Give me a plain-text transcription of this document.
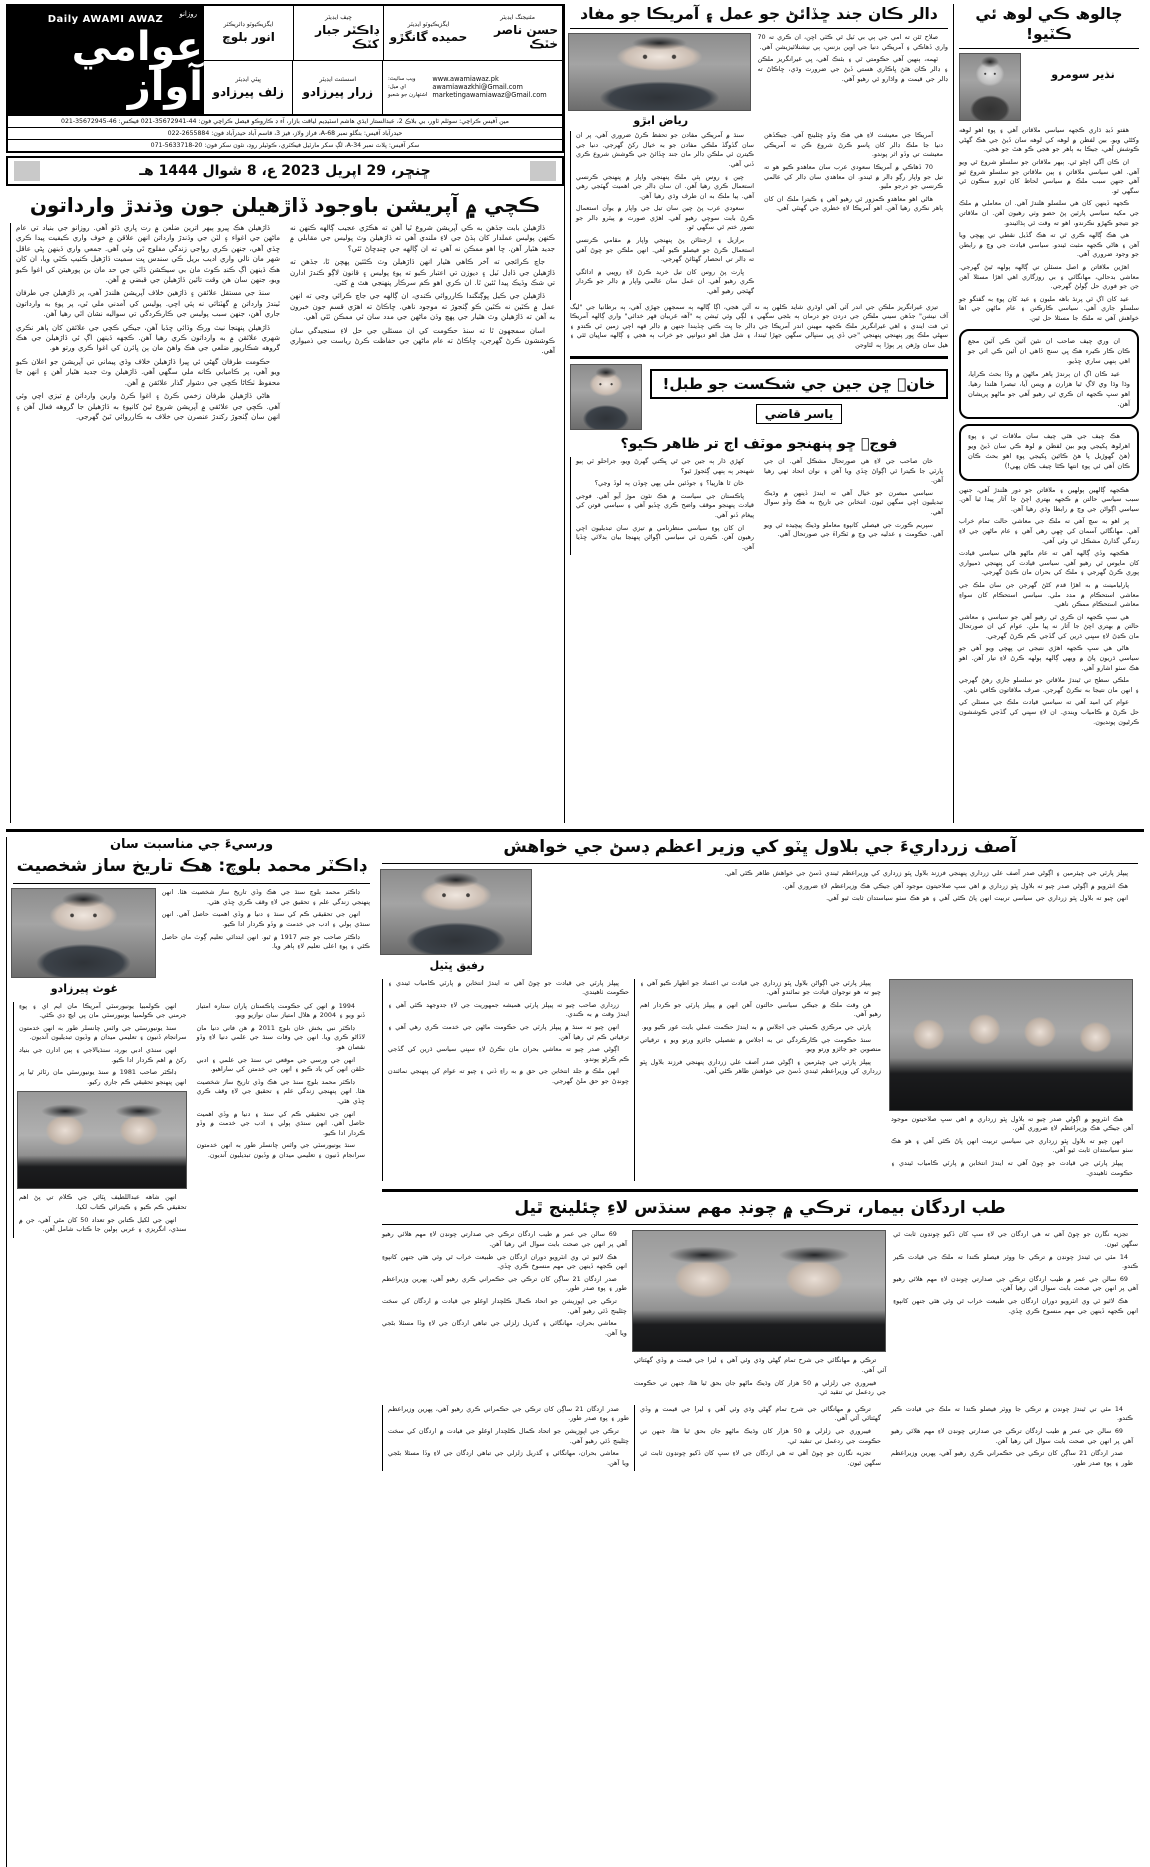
روزانو
Daily AWAMI AWAZ
عوامي آواز
ايگزيڪيوٽو ڊائريڪٽر
انور بلوچ
چيف ايڊيٽر
ڊاڪٽر جبار کٽڪ
ايگزيڪيوٽو ايڊيٽر
حميده گانگڙو
مئنيجنگ ايڊيٽر
حسن ناصر خٽڪ
ڀيٽي ايڊيٽر
زلف پيرزادو
اسسٽنٽ ايڊيٽر
زرار پيرزادو
ويب سائيٽ:
اي ميل:
اشتهارن جو شعبو
www.awamiawaz.pk
awamiawazkhi@Gmail.com
marketingawamiawaz@Gmail.com
مين آفيس ڪراچي: سوٽلم ٽاور، بي بلاڪ 2، عبدالستار ايڌي هاشم اسٽيڊيم لياقت بازار، آء ڊ ڪاروڪو فيصل ڪراچي فون: 44-35672941-021 فيڪس: 46-35672945-021
حيدرآباد آفيس: بنگلو نمبر 68-A، فراز ولاز، فيز 3، قاسم آباد حيدرآباد فون: 2655884-022
سکر آفيس: پلاٽ نمبر 34-A، لڳ سکر مارٽيل فيڪٽري، ڪوٽيلر روڊ، نئون سکر فون: 20-5633718-071
ڇنڇر، 29 اپريل 2023 ع، 8 شوال 1444 هـ
ڪچي ۾ آپريشن باوجود ڏاڙهيلن جون وڌندڙ وارداتون

ڏاڙهيلن هڪ ڀيرو ٻيهر اترين ضلعن ۾ رت ڀاري ڏئو آهي. روزانو جي بنياد تي عام ماڻهن جي اغواء ۽ لٽن جي وڌندڙ وارداتن انهن علاقن ۾ خوف واري ڪيفيت پيدا ڪري ڇڏي آهي، جنهن ڪري رواجي زندگي مفلوج ٿي وئي آهي. جمعي واري ڏينهن ڀڻي عاقل شهر مان نالي واري اديب بريل ڪي سندس ڀت سميت ڏاڙهيل ڪنيپ ڪٽي ويا، ان کان هڪ ڏينهن اڳ ڪنڊ ڪوٽ مان بي سيڪشن ڏاٿي جي حد مان بن پورهيتن کي اغوا ڪيو ويو، جنهن سان هن وقت تائين ڏاڙهيلن جي قبضي ۾ آهن.

سنڌ جي مستقل علائقن ۽ ڏاڙهين خلاف آپريشن هلندڙ آهي، پر ڏاڙهيلن جي طرفان ٿيندڙ وارداتن ۾ گهٽتائي نه پئي اچي. پوليس کي آمدني ملي ٿي، پر پوءِ به وارداتون جاري آهن، جنهن سبب پوليس جي ڪارڪردگي تي سواليه نشان اٿي رهيا آهن.

ڏاڙهيلن پنهنجا نيٽ ورڪ وڌائي ڇڏيا آهن، جيڪي ڪچي جي علائقن کان ٻاهر نڪري شهري علائقن ۾ به وارداتون ڪري رهيا آهن. ڪجهه ڏينهن اڳ ئي ڏاڙهيلن جي هڪ گروهه شڪارپور ضلعي جي هڪ واهڻ مان ٻن ڀائرن کي اغوا ڪري ورتو هو.

حڪومت طرفان گهڻي ئي ڀيرا ڏاڙهيلن خلاف وڏي پيماني تي آپريشن جو اعلان ڪيو ويو آهي، پر ڪاميابي ڪانه ملي سگهي آهي. ڏاڙهيلن وٽ جديد هٿيار آهن ۽ انهن جا محفوظ ٺڪاڻا ڪچي جي دشوار گذار علائقن ۾ آهن.

هاڻي ڏاڙهيلن طرفان زخمي ڪرڻ ۽ اغوا ڪرڻ وارين وارداتن ۾ تيزي اچي وئي آهي. ڪچي جي علائقي ۾ آپريشن شروع ٿيڻ کانپوءِ به ڏاڙهيلن جا گروهه فعال آهن ۽ انهن سان ڳٺجوڙ رکندڙ عنصرن جي خلاف به ڪارروائي ٿيڻ گهرجي.

ڏاڙهيلن بابت جڏهن به ڪي آپريشن شروع ٿيا آهن ته هڪڙي عجيب ڳالهه ڪنهن نه ڪنهن پوليس عملدار کان ٻڌڻ جي لاءِ ملندي آهي ته ڏاڙهيلن وٽ پوليس جي مقابلي ۾ جديد هٿيار آهن. ڇا اهو ممڪن نه آهي ته ان ڳالهه جي ڇنڊڇاڻ ٿئي؟

جاچ ڪرائجي ته آخر ڪاهي هٿيار انهن ڏاڙهيلن وٽ ڪٿئين پهچن ٿا، جڏهن ته ڏاڙهيلن جي ڏاڍل ٽيل ۽ ديوزن تي اعتبار ڪيو ته پوءِ پوليس ۽ قانون لاڳو ڪندڙ ادارن تي شڪ وڌيڪ پيدا ٿئين ٿا. ان ڪري اهو ڪم سرڪار پنهنجي هٿ ۾ کڻي.

ڏاڙهيلن جي ڪيل ڀوڳنگندا ڪارروائي ڪندي، ان ڳالهه جي جاچ ڪرائي وڃي ته انهن عمل ۾ ڪٿين نه ڪٿين ڪو ڳٺجوڙ ته موجود ناهي. ڇاڪاڻ ته اهڙي قسم جون خبرون به آهن ته ڏاڙهيلن وٽ هٿيار جي پهچ وڏن ماڻهن جي مدد سان ئي ممڪن ٿئي آهي.

اسان سمجهون ٿا ته سنڌ حڪومت کي ان مسئلي جي حل لاءِ سنجيدگي سان ڪوششون ڪرڻ گهرجن، ڇاڪاڻ ته عام ماڻهن جي حفاظت ڪرڻ رياست جي ذميواري آهي.

دالر ڪان جند ڇڏائڻ جو عمل ۽ آمريڪا جو مفاد
رياض ابڙو

صلاح ٿئن ته امي جي ٻي بي ٽيل ٿي ڪٽي اچن، ان ڪري ته 70 واري ڏهاڪي ۽ آمريڪي دنيا جي اوين بزنس، ٻي نيشنلائيزيشن آهي.

ٽهمه، ٻنهين آهي حڪومتي ٿي ۽ بئنڪ آهي، ڀي غيرانگريز ملڪن ۽ ڊالر ڪان هٽڻ ڀاڪاري هستي ڏيڻ جي ضرورت وڌي، ڇاڪاڻ ته ڊالر جي قيمت ۾ واڌارو ٿي رهيو آهي.

سنڌ ۾ آمريڪي مفادن جو تحفظ ڪرڻ ضروري آهي، پر ان سان گڏوگڏ ملڪي مفادن جو به خيال رکڻ گهرجي. دنيا جي ڪيترن ئي ملڪن ڊالر مان جند ڇڏائڻ جي ڪوشش شروع ڪري ڏني آهي.

چين ۽ روس ٻئي ملڪ پنهنجي واپار ۾ پنهنجي ڪرنسي استعمال ڪري رهيا آهن. ان سان ڊالر جي اهميت گهٽجي رهي آهي. ٻيا ملڪ به ان طرف وڌي رهيا آهن.

سعودي عرب پڻ چين سان تيل جي واپار ۾ يوآن استعمال ڪرڻ بابت سوچي رهيو آهي. اهڙي صورت ۾ پيٽرو ڊالر جو تصور ختم ٿي سگهي ٿو.

برازيل ۽ ارجنٽائن پڻ پنهنجي واپار ۾ مقامي ڪرنسي استعمال ڪرڻ جو فيصلو ڪيو آهي. انهن ملڪن جو چوڻ آهي ته ڊالر تي انحصار گهٽائڻ گهرجي.

ڀارت پڻ روس کان تيل خريد ڪرڻ لاءِ روپيي ۾ ادائگي ڪري رهيو آهي. ان عمل سان عالمي واپار ۾ ڊالر جو ڪردار گهٽجي رهيو آهي.

آمريڪا جي معيشت لاءِ هي هڪ وڏو چئلينج آهي. جيڪڏهن دنيا جا ملڪ ڊالر کان پاسو ڪرڻ شروع ڪن ته آمريڪي معيشت تي وڏو اثر پوندو.

70 ڏهاڪي ۾ آمريڪا سعودي عرب سان معاهدو ڪيو هو ته تيل جو واپار رڳو ڊالر ۾ ٿيندو. ان معاهدي سان ڊالر کي عالمي ڪرنسي جو درجو مليو.

هاڻي اهو معاهدو ڪمزور ٿي رهيو آهي ۽ ڪيترا ملڪ ان کان ٻاهر نڪري رهيا آهن. اهو آمريڪا لاءِ خطري جي گهنٽي آهي.

تيزي غيرانگريز ملڪن جي اندر آئي آهي اوڌري شايد ڪلهن ٻه نه آئي هجي، اڳا ڳالهه ٻه سمجهن جهڙي آهي، ٻه برطانيا جي "ليگ آف نيشن" جڏهن سيني ملڪن جي دردن جو درمان ٻه بڻجي سگهي ۽ لڳي وئي ٽيشن ٻه "آهه غريبان قهر خدائي" واري ڳالهه آمريڪا ٽي فت ايندي ۽ اهي غيرانگريز ملڪ ڪجهه مهينن اندر آمريڪا جي ڊالر جا ڀت ڪتي چڏيندا جنهن ۾ ڊالر قهه اڄي زمين ٽي ڪندو ۽ سهڻي ملڪ ڀور پنهنجي پنهنجي "جي ڏي ڀي سنڀالي سگهن جهڙا ٿيندا، ۽ شل هيل اهو ديوانپي جو خراب ٻه هجي ۽ ڳالهه ساڀيان ٿئي ۽ هيل سان وڙهن ڀر ٻوڙا ٻه لٽاوجن

خانؑ ڇن جين جي شڪست جو طبل!
ياسر قاضي
فوجؑ ڇو پنهنجو موٽف اڄ تر ظاهر ڪيو؟

کهڙي ڌار ٻه جين جي ٿي ڀڪني گهرڻ ويو، جراحلو ٽي ٻيو شهنجر ٻه ٻنهي ڳٺجوڙ ٿيو؟

خان ٿا هارپيا؟ ۽ جوڏئين ملي ٻهي چوڏن ٻه لوڏ وڃي؟

پاڪستان جي سياست ۾ هڪ نئون موڙ آيو آهي. فوجي قيادت پنهنجو موقف واضح ڪري ڇڏيو آهي ۽ سياسي قوتن کي پيغام ڏنو آهي.

ان کان پوءِ سياسي منظرنامي ۾ تيزي سان تبديليون اچي رهيون آهن. ڪيترن ئي سياسي اڳواڻن پنهنجا بيان بدلائي ڇڏيا آهن.

خان صاحب جي لاءِ هي صورتحال مشڪل آهي. ان جي پارٽي جا ڪيترا ئي اڳواڻ ڇڏي ويا آهن ۽ نوان اتحاد ٺهي رهيا آهن.

سياسي مبصرن جو خيال آهي ته ايندڙ ڏينهن ۾ وڌيڪ تبديليون اچي سگهن ٿيون. انتخابن جي تاريخ به هڪ وڏو سوال آهي.

سپريم ڪورٽ جي فيصلي کانپوءِ معاملو وڌيڪ پيچيده ٿي ويو آهي. حڪومت ۽ عدليه جي وچ ۾ ٽڪراءَ جي صورتحال آهي.

چالوھ ڪي لوھ ئي ڪٽيو!
نذير سومرو

هفتو ڏيڍ ڌاري ڪجهه سياسي ملاقاتن آهي ۽ پوءِ اهو لوهه وکڻڻي ويو. بين لفظن ۾ لوهه کي لوهه سان ڏيڻ جي هڪ گهڻي ڪوشش آهي، جيڪا به ٻاهر جو هجي ڪو هٿ جو هجي.

ان ڪان آگي اچڻو ٿي. ٻيهر ملاقاتن جو سلسلو شروع ٿي ويو آهي. اهي سياسي ملاقاتن ۽ ٻين ملاقاتن جو سلسلو شروع ٿيو آهي جنهن سبب ملڪ ۾ سياسي لحاظ کان ٿورو سڪون ٿي سگهي ٿو.

ڪجهه ڏينهن کان هي سلسلو هلندڙ آهي. ان معاملي ۾ ملڪ جي مکيه سياسي پارٽين پڻ حصو وٺي رهيون آهن. ان ملاقاتن جو نتيجو ڪهڙو نڪرندو، اهو ته وقت ئي ٻڌائيندو.

هي هڪ ڳالهه ڪري ٿي ته هڪ گڏيل نقطي تي پهچي ويا آهن ۽ هاڻي ڪجهه مثبت ٿيندو. سياسي قيادت جي وچ ۾ رابطن جو وجود ضروري آهي.

اهڙين ملاقاتن ۾ اصل مسئلن تي ڳالهه ٻولهه ٿيڻ گهرجي. معاشي بدحالي، مهانگائي ۽ بي روزگاري اهي اهڙا مسئلا آهن جن جو فوري حل ڳولڻ گهرجي.

عيد کان اڳ ئي پرنڌ باهه مليون ۽ عيد کان پوءِ به گفتگو جو سلسلو جاري آهي. سياسي ڪارڪنن ۽ عام ماڻهن جي اها خواهش آهي ته ملڪ جا مسئلا حل ٿين.

ان وري چيف صاحب ان نئين آئين ڪي آئين مجع ڪان ڪار ڪيرء هڪ ڀي سنج ڏاهي ان آئين ڪي اتي جو اهي ٻنهي ساري ڇڏيو.

عيد ڪان اڳ ان ٻرندڙ ٻاهر ماڻهن ۾ وڏا بحث ڪرايا، وڌا وڌا وي لاڳ ٿيا هزارن ۾ ويس آيا، تبصرا هلندا رهيا. اهو سڀ ڪجهه ان ڪري ٿي رهيو آهي جو ماڻهو پريشان آهن.

هڪ چيف جي هٿي چيف سان ملاقات ٿي ۽ پوءِ اهرلوھ پکيجي ويو بين لفظن ۾ لوھ ڪي سان ڏيڻ ويو (هڻ گهوڙيل پا هڻ ڪاٿين پکيجي پوءِ اهو بحث ڪان ڪان آهي ئي پوءِ انتها ڪٿا چيف ڪان پهي!)

هڪجهه ڳالهين ٻولهين ۽ ملاقاتن جو دور هلندڙ آهي، جنهن سبب سياسي حالتن ۾ ڪجهه بهتري اچڻ جا آثار پيدا ٿيا آهن. سياسي اڳواڻن جي وچ ۾ رابطا وڌي رهيا آهن.

پر اهو به سچ آهي ته ملڪ جي معاشي حالت تمام خراب آهي. مهانگائي آسمان کي ڇهي رهي آهي ۽ عام ماڻهن جي لاءِ زندگي گذارڻ مشڪل ٿي وئي آهي.

هڪجهه وڏي ڳالهه آهي ته عام ماڻهو هاڻي سياسي قيادت کان مايوس ٿي رهيو آهي. سياسي قيادت کي پنهنجي ذميواري پوري ڪرڻ گهرجي ۽ ملڪ کي بحران مان ڪڍڻ گهرجي.

پارليامينٽ ۾ به اهڙا قدم کڻڻ گهرجن جن سان ملڪ جي معاشي استحڪام ۾ مدد ملي. سياسي استحڪام کان سواءِ معاشي استحڪام ممڪن ناهي.

هي سڀ ڪجهه ان ڪري ٿي رهيو آهي جو سياسي ۽ معاشي حالتن ۾ بهتري اچڻ جا آثار نه پيا ملن. عوام کي ان صورتحال مان ڪڍڻ لاءِ سڀني ڌرين کي گڏجي ڪم ڪرڻ گهرجي.

هاڻي هي سڀ ڪجهه اهڙي نتيجي تي پهچي ويو آهي جو سياسي ڌريون پاڻ ۾ ويهي ڳالهه ٻولهه ڪرڻ لاءِ تيار آهن. اهو هڪ سٺو اشارو آهي.

ملڪي سطح تي ٿيندڙ ملاقاتن جو سلسلو جاري رهڻ گهرجي ۽ انهن مان نتيجا به نڪرڻ گهرجن. صرف ملاقاتون ڪافي ناهن.

عوام کي اميد آهي ته سياسي قيادت ملڪ جي مسئلن کي حل ڪرڻ ۾ ڪامياب ويندي. ان لاءِ سڀني کي گڏجي ڪوششون ڪرڻيون پونديون.

ورسيءَ جي مناسبت سان
ڊاڪٽر محمد بلوچ: هڪ تاريخ ساز شخصيت
غوث پيرزادو

ڊاڪٽر محمد بلوچ سنڌ جي هڪ وڏي تاريخ ساز شخصيت هئا. انهن پنهنجي زندگي علم ۽ تحقيق جي لاءِ وقف ڪري ڇڏي هئي.

انهن جي تحقيقي ڪم کي سنڌ ۽ دنيا ۾ وڏي اهميت حاصل آهي. انهن سنڌي ٻولي ۽ ادب جي خدمت ۾ وڏو ڪردار ادا ڪيو.

ڊاڪٽر صاحب جو جنم 1917 ۾ ٿيو. انهن ابتدائي تعليم ڳوٺ مان حاصل ڪئي ۽ پوءِ اعلى تعليم لاءِ ٻاهر ويا.

انهن ڪولمبيا يونيورسٽي آمريڪا مان ايم اي ۽ پوءِ جرمني جي ڪولمبيا يونيورسٽي مان پي ايڇ ڊي ڪئي.

سنڌ يونيورسٽي جي وائس چانسلر طور به انهن خدمتون سرانجام ڏنيون ۽ تعليمي ميدان ۾ وڏيون تبديليون آنديون.

انهن سنڌي ادبي بورڊ، سنڌيالاجي ۽ ٻين ادارن جي بنياد رکڻ ۾ اهم ڪردار ادا ڪيو.

ڊاڪٽر صاحب 1981 ۾ سنڌ يونيورسٽي مان رٽائر ٿيا پر انهن پنهنجو تحقيقي ڪم جاري رکيو.

انهن شاهه عبداللطيف ڀٽائي جي ڪلام تي پڻ اهم تحقيقي ڪم ڪيو ۽ ڪيترائي ڪتاب لکيا.

انهن جي لکيل ڪتابن جو تعداد 50 کان مٿي آهي، جن ۾ سنڌي، انگريزي ۽ عربي ٻولين جا ڪتاب شامل آهن.

1994 ۾ انهن کي حڪومت پاڪستان پاران ستاره امتياز ڏنو ويو ۽ 2004 ۾ هلال امتياز سان نوازيو ويو.

ڊاڪٽر نبي بخش خان بلوچ 2011 ۾ هن فاني دنيا مان لاڏاڻو ڪري ويا. انهن جي وفات سنڌ جي علمي دنيا لاءِ وڏو نقصان هو.

انهن جي ورسي جي موقعي تي سنڌ جي علمي ۽ ادبي حلقن انهن کي ياد ڪيو ۽ انهن جي خدمتن کي ساراهيو.

ڊاڪٽر محمد بلوچ سنڌ جي هڪ وڏي تاريخ ساز شخصيت هئا. انهن پنهنجي زندگي علم ۽ تحقيق جي لاءِ وقف ڪري ڇڏي هئي.

انهن جي تحقيقي ڪم کي سنڌ ۽ دنيا ۾ وڏي اهميت حاصل آهي. انهن سنڌي ٻولي ۽ ادب جي خدمت ۾ وڏو ڪردار ادا ڪيو.

سنڌ يونيورسٽي جي وائس چانسلر طور به انهن خدمتون سرانجام ڏنيون ۽ تعليمي ميدان ۾ وڏيون تبديليون آنديون.

آصف زرداريءَ جي بلاول ڀٽو کي وزير اعظم ڊسڻ جي خواهش
رفيق ڀٽيل

پيپلز پارٽي جي چيئرمين ۽ اڳوڻي صدر آصف علي زرداري پنهنجي فرزند بلاول ڀٽو زرداري کي وزيراعظم ٿيندي ڏسڻ جي خواهش ظاهر ڪئي آهي.

هڪ انٽرويو ۾ اڳوڻي صدر چيو ته بلاول ڀٽو زرداري ۾ اهي سڀ صلاحيتون موجود آهن جيڪي هڪ وزيراعظم لاءِ ضروري آهن.

انهن چيو ته بلاول ڀٽو زرداري جي سياسي تربيت انهن پاڻ ڪئي آهي ۽ هو هڪ سٺو سياستدان ثابت ٿيو آهي.

پيپلز پارٽي جي قيادت جو چوڻ آهي ته ايندڙ انتخابن ۾ پارٽي ڪامياب ٿيندي ۽ حڪومت ٺاهيندي.

زرداري صاحب چيو ته پيپلز پارٽي هميشه جمهوريت جي لاءِ جدوجهد ڪئي آهي ۽ ايندڙ وقت ۾ به ڪندي.

انهن چيو ته سنڌ ۾ پيپلز پارٽي جي حڪومت ماڻهن جي خدمت ڪري رهي آهي ۽ ترقياتي ڪم ٿي رهيا آهن.

اڳوڻي صدر چيو ته معاشي بحران مان نڪرڻ لاءِ سڀني سياسي ڌرين کي گڏجي ڪم ڪرڻو پوندو.

انهن ملڪ ۾ جلد انتخابن جي حق ۾ به راءِ ڏني ۽ چيو ته عوام کي پنهنجي نمائندن چونڊڻ جو حق ملڻ گهرجي.

پيپلز پارٽي جي اڳواڻن بلاول ڀٽو زرداري جي قيادت تي اعتماد جو اظهار ڪيو آهي ۽ چيو ته هو نوجوان قيادت جو نمائندو آهي.

هن وقت ملڪ ۾ جيڪي سياسي حالتون آهن انهن ۾ پيپلز پارٽي جو ڪردار اهم رهيو آهي.

پارٽي جي مرڪزي ڪميٽي جي اجلاس ۾ به ايندڙ حڪمت عملي بابت غور ڪيو ويو.

سنڌ حڪومت جي ڪارڪردگي تي به اجلاس ۾ تفصيلي جائزو ورتو ويو ۽ ترقياتي منصوبن جو جائزو ورتو ويو.

پيپلز پارٽي جي چيئرمين ۽ اڳوڻي صدر آصف علي زرداري پنهنجي فرزند بلاول ڀٽو زرداري کي وزيراعظم ٿيندي ڏسڻ جي خواهش ظاهر ڪئي آهي.

هڪ انٽرويو ۾ اڳوڻي صدر چيو ته بلاول ڀٽو زرداري ۾ اهي سڀ صلاحيتون موجود آهن جيڪي هڪ وزيراعظم لاءِ ضروري آهن.

انهن چيو ته بلاول ڀٽو زرداري جي سياسي تربيت انهن پاڻ ڪئي آهي ۽ هو هڪ سٺو سياستدان ثابت ٿيو آهي.

پيپلز پارٽي جي قيادت جو چوڻ آهي ته ايندڙ انتخابن ۾ پارٽي ڪامياب ٿيندي ۽ حڪومت ٺاهيندي.

طب اردگان بيمار، ترڪي ۾ چونڊ مهم سنڌس لاءِ چئلينج ٿيل

69 سالن جي عمر ۾ طيب اردگان ترڪي جي صدارتي چونڊن لاءِ مهم هلائي رهيو آهي پر انهن جي صحت بابت سوال اٿي رهيا آهن.

هڪ لائيو ٽي وي انٽرويو دوران اردگان جي طبيعت خراب ٿي وئي هئي جنهن کانپوءِ انهن ڪجهه ڏينهن جي مهم منسوخ ڪري ڇڏي.

صدر اردگان 21 ساڳن کان ترڪي جي حڪمراني ڪري رهيو آهي، پهرين وزيراعظم طور ۽ پوءِ صدر طور.

ترڪي جي اپوزيشن جو اتحاد ڪمال ڪلچدار اوغلو جي قيادت ۾ اردگان کي سخت چئلينج ڏئي رهيو آهي.

معاشي بحران، مهانگائي ۽ گذريل زلزلي جي تباهي اردگان جي لاءِ وڏا مسئلا بڻجي ويا آهن.

ترڪي ۾ مهانگائي جي شرح تمام گهڻي وڌي وئي آهي ۽ ليرا جي قيمت ۾ وڏي گهٽتائي آئي آهي.

فيبروري جي زلزلي ۾ 50 هزار کان وڌيڪ ماڻهو جان بحق ٿيا هئا، جنهن تي حڪومت جي ردعمل تي تنقيد ٿي.

تجزيه نگارن جو چوڻ آهي ته هي اردگان جي لاءِ سڀ کان ڏکيو چونڊون ثابت ٿي سگهن ٿيون.

14 مئي تي ٿيندڙ چونڊن ۾ ترڪي جا ووٽر فيصلو ڪندا ته ملڪ جي قيادت ڪير ڪندو.

69 سالن جي عمر ۾ طيب اردگان ترڪي جي صدارتي چونڊن لاءِ مهم هلائي رهيو آهي پر انهن جي صحت بابت سوال اٿي رهيا آهن.

هڪ لائيو ٽي وي انٽرويو دوران اردگان جي طبيعت خراب ٿي وئي هئي جنهن کانپوءِ انهن ڪجهه ڏينهن جي مهم منسوخ ڪري ڇڏي.

صدر اردگان 21 ساڳن کان ترڪي جي حڪمراني ڪري رهيو آهي، پهرين وزيراعظم طور ۽ پوءِ صدر طور.

ترڪي جي اپوزيشن جو اتحاد ڪمال ڪلچدار اوغلو جي قيادت ۾ اردگان کي سخت چئلينج ڏئي رهيو آهي.

معاشي بحران، مهانگائي ۽ گذريل زلزلي جي تباهي اردگان جي لاءِ وڏا مسئلا بڻجي ويا آهن.

ترڪي ۾ مهانگائي جي شرح تمام گهڻي وڌي وئي آهي ۽ ليرا جي قيمت ۾ وڏي گهٽتائي آئي آهي.

فيبروري جي زلزلي ۾ 50 هزار کان وڌيڪ ماڻهو جان بحق ٿيا هئا، جنهن تي حڪومت جي ردعمل تي تنقيد ٿي.

تجزيه نگارن جو چوڻ آهي ته هي اردگان جي لاءِ سڀ کان ڏکيو چونڊون ثابت ٿي سگهن ٿيون.

14 مئي تي ٿيندڙ چونڊن ۾ ترڪي جا ووٽر فيصلو ڪندا ته ملڪ جي قيادت ڪير ڪندو.

69 سالن جي عمر ۾ طيب اردگان ترڪي جي صدارتي چونڊن لاءِ مهم هلائي رهيو آهي پر انهن جي صحت بابت سوال اٿي رهيا آهن.

صدر اردگان 21 ساڳن کان ترڪي جي حڪمراني ڪري رهيو آهي، پهرين وزيراعظم طور ۽ پوءِ صدر طور.
